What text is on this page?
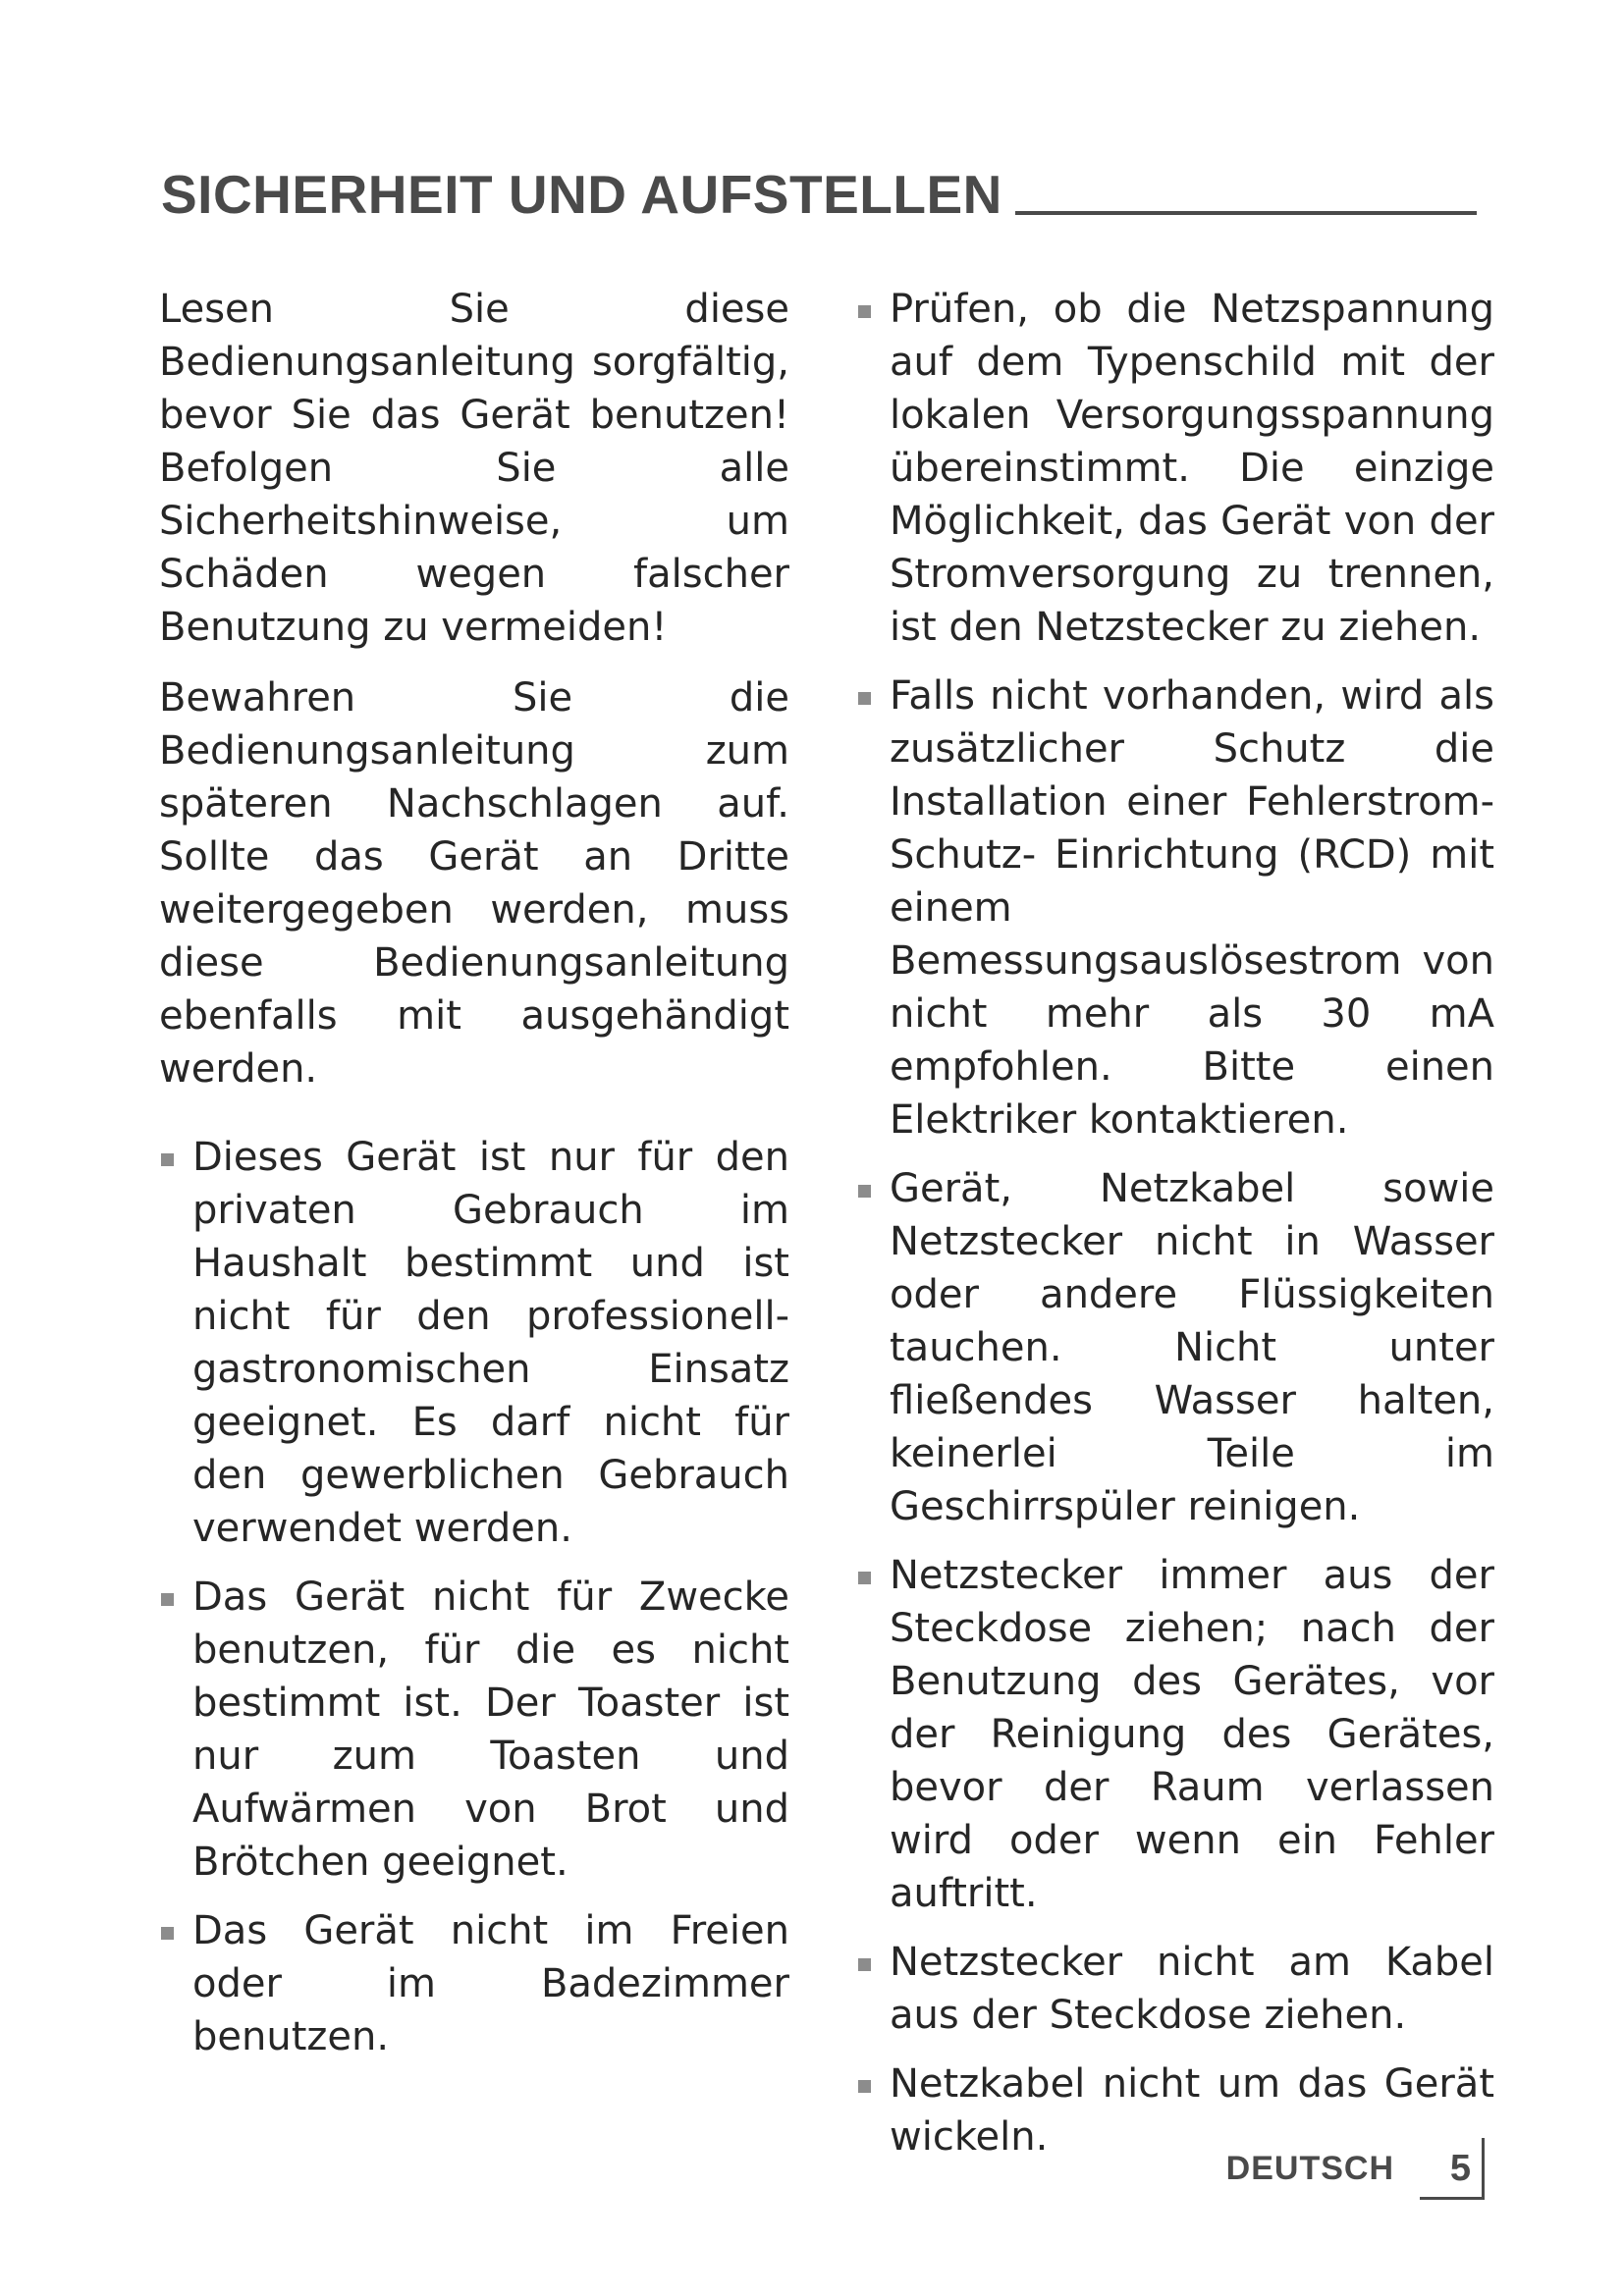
SICHERHEIT UND AUFSTELLEN

Lesen Sie diese Bedienungsanleitung sorgfältig, bevor Sie das Gerät benutzen! Befolgen Sie alle Sicherheitshinweise, um Schäden wegen falscher Benutzung zu vermeiden!

Bewahren Sie die Bedienungsanleitung zum späteren Nachschlagen auf. Sollte das Gerät an Dritte weitergegeben werden, muss diese Bedienungsanleitung ebenfalls mit ausgehändigt werden.

Dieses Gerät ist nur für den privaten Gebrauch im Haushalt bestimmt und ist nicht für den professionell-gastronomischen Einsatz geeignet. Es darf nicht für den gewerblichen Gebrauch verwendet werden.
Das Gerät nicht für Zwecke benutzen, für die es nicht bestimmt ist. Der Toaster ist nur zum Toasten und Aufwärmen von Brot und Brötchen geeignet.
Das Gerät nicht im Freien oder im Badezimmer benutzen.
Prüfen, ob die Netzspannung auf dem Typenschild mit der lokalen Versorgungsspannung übereinstimmt. Die einzige Möglichkeit, das Gerät von der Stromversorgung zu trennen, ist den Netzstecker zu ziehen.
Falls nicht vorhanden, wird als zusätzlicher Schutz die Installation einer Fehlerstrom-Schutz- Einrichtung (RCD) mit einem Bemessungsauslösestrom von nicht mehr als 30 mA empfohlen. Bitte einen Elektriker kontaktieren.
Gerät, Netzkabel sowie Netzstecker nicht in Wasser oder andere Flüssigkeiten tauchen. Nicht unter fließendes Wasser halten, keinerlei Teile im Geschirrspüler reinigen.
Netzstecker immer aus der Steckdose ziehen; nach der Benutzung des Gerätes, vor der Reinigung des Gerätes, bevor der Raum verlassen wird oder wenn ein Fehler auftritt.
Netzstecker nicht am Kabel aus der Steckdose ziehen.
Netzkabel nicht um das Gerät wickeln.
DEUTSCH 5
